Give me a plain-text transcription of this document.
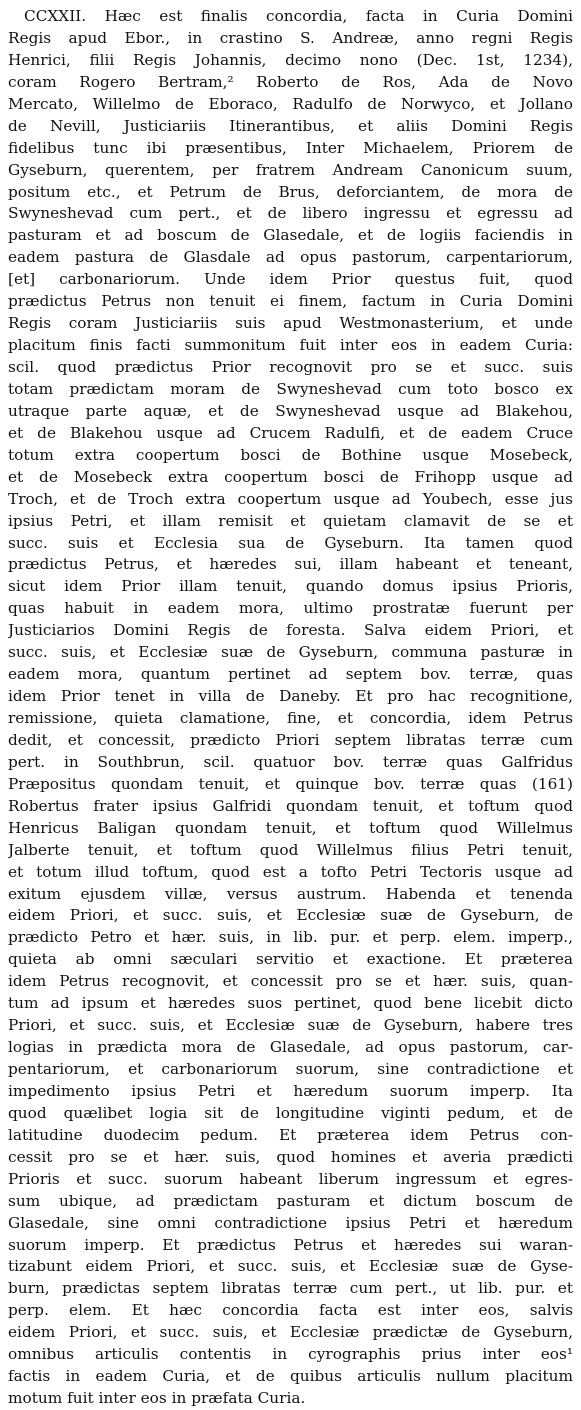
CCXXII. Hæc est finalis concordia, facta in Curia Domini
Regis apud Ebor., in crastino S. Andreæ, anno regni Regis
Henrici, filii Regis Johannis, decimo nono (Dec. 1st, 1234),
coram Rogero Bertram,² Roberto de Ros, Ada de Novo
Mercato, Willelmo de Eboraco, Radulfo de Norwyco, et Jollano
de Nevill, Justiciariis Itinerantibus, et aliis Domini Regis
fidelibus tunc ibi præsentibus, Inter Michaelem, Priorem de
Gyseburn, querentem, per fratrem Andream Canonicum suum,
positum etc., et Petrum de Brus, deforciantem, de mora de
Swyneshevad cum pert., et de libero ingressu et egressu ad
pasturam et ad boscum de Glasedale, et de logiis faciendis in
eadem pastura de Glasdale ad opus pastorum, carpentariorum,
[et] carbonariorum. Unde idem Prior questus fuit, quod
prædictus Petrus non tenuit ei finem, factum in Curia Domini
Regis coram Justiciariis suis apud Westmonasterium, et unde
placitum finis facti summonitum fuit inter eos in eadem Curia:
scil. quod prædictus Prior recognovit pro se et succ. suis
totam prædictam moram de Swyneshevad cum toto bosco ex
utraque parte aquæ, et de Swyneshevad usque ad Blakehou,
et de Blakehou usque ad Crucem Radulfi, et de eadem Cruce
totum extra coopertum bosci de Bothine usque Mosebeck,
et de Mosebeck extra coopertum bosci de Frihopp usque ad
Troch, et de Troch extra coopertum usque ad Youbech, esse jus
ipsius Petri, et illam remisit et quietam clamavit de se et
succ. suis et Ecclesia sua de Gyseburn. Ita tamen quod
prædictus Petrus, et hæredes sui, illam habeant et teneant,
sicut idem Prior illam tenuit, quando domus ipsius Prioris,
quas habuit in eadem mora, ultimo prostratæ fuerunt per
Justiciarios Domini Regis de foresta. Salva eidem Priori, et
succ. suis, et Ecclesiæ suæ de Gyseburn, communa pasturæ in
eadem mora, quantum pertinet ad septem bov. terræ, quas
idem Prior tenet in villa de Daneby. Et pro hac recognitione,
remissione, quieta clamatione, fine, et concordia, idem Petrus
dedit, et concessit, prædicto Priori septem libratas terræ cum
pert. in Southbrun, scil. quatuor bov. terræ quas Galfridus
Præpositus quondam tenuit, et quinque bov. terræ quas (161)
Robertus frater ipsius Galfridi quondam tenuit, et toftum quod
Henricus Baligan quondam tenuit, et toftum quod Willelmus
Jalberte tenuit, et toftum quod Willelmus filius Petri tenuit,
et totum illud toftum, quod est a tofto Petri Tectoris usque ad
exitum ejusdem villæ, versus austrum. Habenda et tenenda
eidem Priori, et succ. suis, et Ecclesiæ suæ de Gyseburn, de
prædicto Petro et hær. suis, in lib. pur. et perp. elem. imperp.,
quieta ab omni sæculari servitio et exactione. Et præterea
idem Petrus recognovit, et concessit pro se et hær. suis, quan-
tum ad ipsum et hæredes suos pertinet, quod bene licebit dicto
Priori, et succ. suis, et Ecclesiæ suæ de Gyseburn, habere tres
logias in prædicta mora de Glasedale, ad opus pastorum, car-
pentariorum, et carbonariorum suorum, sine contradictione et
impedimento ipsius Petri et hæredum suorum imperp. Ita
quod quælibet logia sit de longitudine viginti pedum, et de
latitudine duodecim pedum. Et præterea idem Petrus con-
cessit pro se et hær. suis, quod homines et averia prædicti
Prioris et succ. suorum habeant liberum ingressum et egres-
sum ubique, ad prædictam pasturam et dictum boscum de
Glasedale, sine omni contradictione ipsius Petri et hæredum
suorum imperp. Et prædictus Petrus et hæredes sui waran-
tizabunt eidem Priori, et succ. suis, et Ecclesiæ suæ de Gyse-
burn, prædictas septem libratas terræ cum pert., ut lib. pur. et
perp. elem. Et hæc concordia facta est inter eos, salvis
eidem Priori, et succ. suis, et Ecclesiæ prædictæ de Gyseburn,
omnibus articulis contentis in cyrographis prius inter eos¹
factis in eadem Curia, et de quibus articulis nullum placitum
motum fuit inter eos in præfata Curia.
